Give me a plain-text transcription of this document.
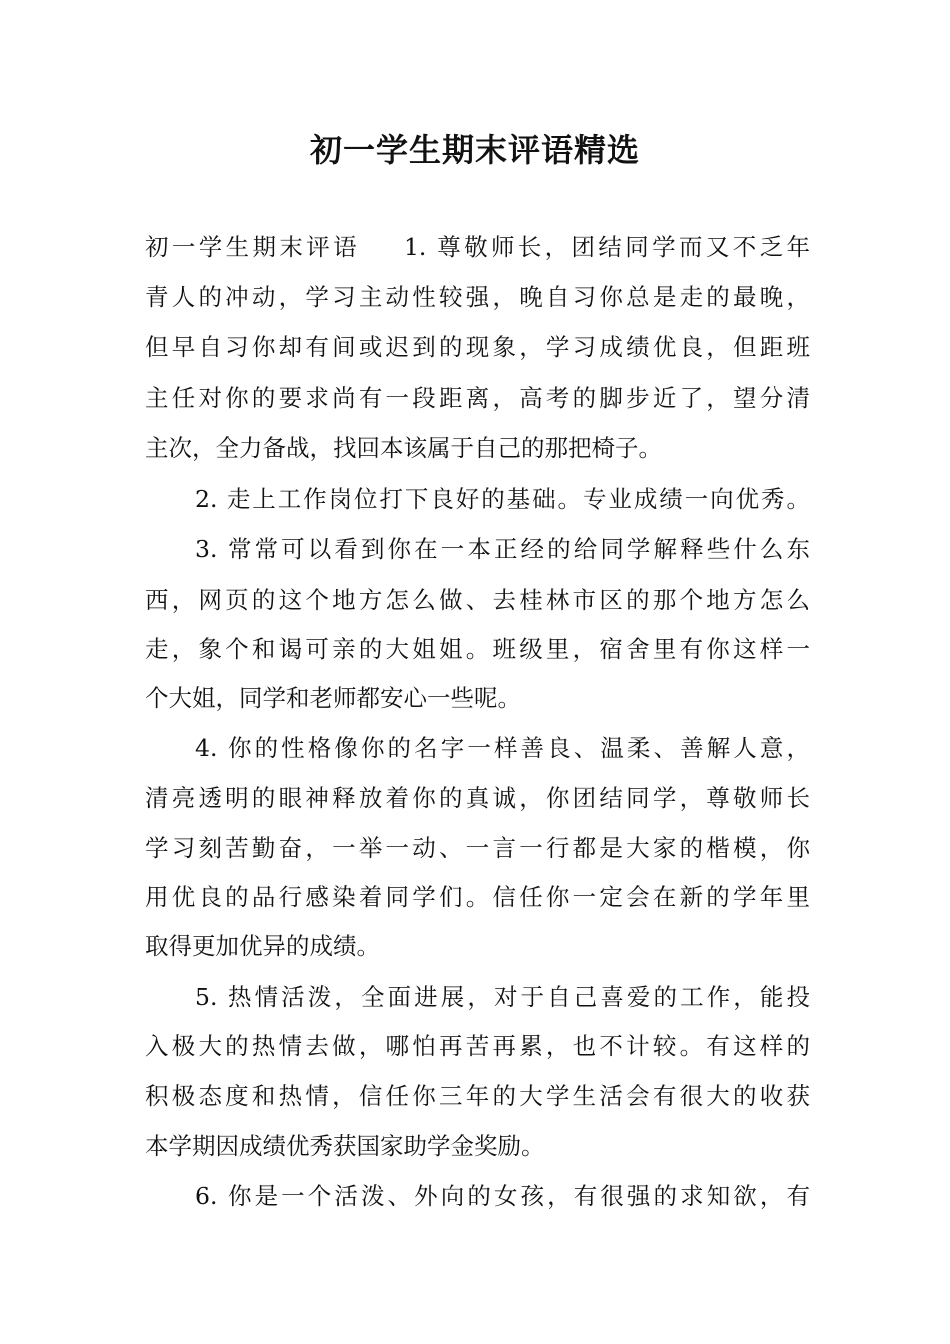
初一学生期末评语精选

初一学生期末评语 1. 尊敬师长，团结同学而又不乏年

青人的冲动，学习主动性较强，晚自习你总是走的最晚，

但早自习你却有间或迟到的现象，学习成绩优良，但距班

主任对你的要求尚有一段距离，高考的脚步近了，望分清

主次，全力备战，找回本该属于自己的那把椅子。

2. 走上工作岗位打下良好的基础。专业成绩一向优秀。

3. 常常可以看到你在一本正经的给同学解释些什么东

西，网页的这个地方怎么做、去桂林市区的那个地方怎么

走，象个和谒可亲的大姐姐。班级里，宿舍里有你这样一

个大姐，同学和老师都安心一些呢。

4. 你的性格像你的名字一样善良、温柔、善解人意，

清亮透明的眼神释放着你的真诚，你团结同学，尊敬师长

学习刻苦勤奋，一举一动、一言一行都是大家的楷模，你

用优良的品行感染着同学们。信任你一定会在新的学年里

取得更加优异的成绩。

5. 热情活泼，全面进展，对于自己喜爱的工作，能投

入极大的热情去做，哪怕再苦再累，也不计较。有这样的

积极态度和热情，信任你三年的大学生活会有很大的收获

本学期因成绩优秀获国家助学金奖励。

6. 你是一个活泼、外向的女孩，有很强的求知欲，有
